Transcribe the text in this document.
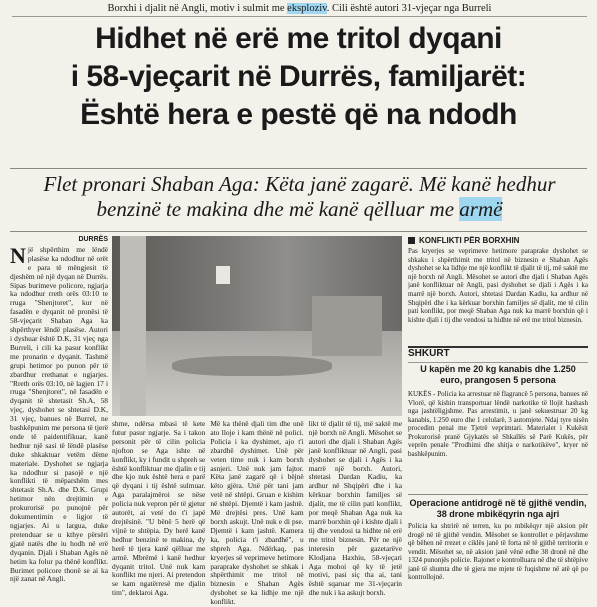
Borxhi i djalit në Angli, motiv i sulmit me eksploziv. Cili është autori 31-vjeçar nga Burreli
Hidhet në erë me tritol dyqani
i 58-vjeçarit në Durrës, familjarët:
Është hera e pestë që na ndodh
Flet pronari Shaban Aga: Këta janë zagarë. Më kanë hedhur benzinë te makina dhe më kanë qëlluar me armë
DURRËS
N jë shpërthim me lëndë plasëse ka ndodhur në orët e para të mëngjesit të djeshëm në një dyqan në Durrës. Sipas burimeve policore, ngjarja ka ndodhur rreth orës 03:10 te rruga "Shenjtoret", kur në fasadën e dyqanit në pronësi të 58-vjeçarit Shaban Aga ka shpërthyer lëndë plasëse. Autori i dyshuar është D.K, 31 vjeç nga Burreli, i cili ka pasur konflikt me pronarin e dyqanit. Tashmë grupi hetimor po punon për të zbardhur rrethanat e ngjarjes. "Rreth orës 03:10, në lagjen 17 i rruga "Shenjtoret", në fasadën e dyqanit të shtetasit Sh.A, 58 vjeç, dyshohet se shtetasi D.K, 31 vjeç, banues në Burrel, ne bashkëpunim me persona të tjerë ende të paidentifikuar, kanë hedhur një sasi të lëndë plasëse duke shkaktuar vetëm dëme materiale. Dyshohet se ngjarja ka ndodhur si pasojë e një konflikti të mëparshëm mes shtetasit Sh.A. dhe D.K. Grupi hetimor nën drejtimin e prokurorisë po punojnë për dokumentimin e ligjor të ngjarjes. Ai u largua, duke pretenduar se u kthye përsëri gjatë natës dhe iu hodh në erë dyqanin. Djali i Shaban Agës në hetim ka folur pa thënë konflikt. Burimet policore thonë se ai ka një zanat në Angli.
shme, ndërsa mbasi të kete futur pasur ngjarje. Sa i takon personit për të cilin policia njofton se Aga ishte në konflikt, ky i fundit u shpreh se është konfliktuar me djalin e tij dhe kjo nuk është hera e parë që dyqani i tij është sulmuar. Aga paralajmëroi se nëse policia nuk vepron për të gjetur autorët, ai vetë do t'i japë drejtësinë. "U bënë 5 herë që vijnë te shtëpia. Dy herë kanë hedhur benzinë te makina, dy herë të tjera kanë qëlluar me armë. Mbrëmë i kanë hedhur dyqanit tritol. Unë nuk kam konflikt me njeri. Ai pretendon se kam ngatërresë me djalin tim", deklaroi Aga.
Më ka thënë djali tim dhe unë ato lloje i kam thënë në polici. Policia i ka dyshimet, ajo t'i zbardhë dyshimet. Unë për veten time nuk i kam borxh asnjeri. Unë nuk jam fajtor. Këta janë zagarë që i bëjnë këto gjëra. Unë për tani jam vetë në shtëpi. Gruan e kishim në shtëpi. Djemtë i kam jashtë. Më drejtësi pres. Unë kam borxh askujt. Unë nuk e di pse. Djemtë i kam jashtë. Kamera ka, policia t'i zbardhë", u shpreh Aga. Ndërkaq, pas kryerjes së veprimeve hetimore paraprake dyshohet se shkak i shpërthimit me tritol në biznesin e Shaban Agës dyshohet se ka lidhje me një konflikt.
likt të djalit të tij, më saktë me një borxh në Angli. Mësohet se autori dhe djali i Shaban Agës janë konfliktuar në Angli, pasi dyshohet se djali i Agës i ka marrë një borxh. Autori, shtetasi Dardan Kadiu, ka ardhur në Shqipëri dhe i ka kërkuar borxhin familjes së djalit, me të cilin pati konflikt, por meqë Shaban Aga nuk ka marrë borxhin që i kishte djali i tij dhe vendosi ta hidhte në erë me tritol biznesin. Për ne një interesin për gazetarëve Klodjana Haxhiu, 58-vjeçari Aga mohoi që ky të jetë motivi, pasi siç tha ai, tani është sqaruar me 31-vjeçarin dhe nuk i ka askujt borxh.
KONFLIKTI PËR BORXHIN
Pas kryerjes se veprimeve hetimore paraprake dyshohet se shkaku i shpërthimit me tritol në biznesin e Shaban Agës dyshohet se ka lidhje me një konflikt të djalit të tij, më saktë me një borxh në Angli. Mësohet se autori dhe djali i Shaban Agës janë konfliktuar në Angli, pasi dyshohet se djali i Agës i ka marrë një borxh. Autori, shtetasi Dardan Kadiu, ka ardhur në Shqipëri dhe i ka kërkuar borxhin familjes së djalit, me të cilin pati konflikt, por meqë Shaban Aga nuk ka marrë borxhin që i kishte djali i tij dhe vendosi ta hidhte në erë me tritol biznesin.
SHKURT
U kapën me 20 kg kanabis dhe 1.250 euro, prangosen 5 persona
KUKËS - Policia ka arrestuar në flagrancë 5 persona, banues në Vlorë, që kishin transportuar lëndë narkotike të llojit hashash nga jashtëligjshme. Pas arrestimit, u janë sekuestruar 20 kg kanabis, 1.250 euro dhe 1 celularë, 3 automjete. Ndaj tyre nisën procedim penal me Tjetrë veprimtari. Materialet i Kukësit Prokurorisë pranë Gjykatës së Shkallës së Parë Kukës, për veprën penale "Prodhimi dhe shitja e narkotikëve", kryer në bashkëpunim.
Operacione antidrogë në të gjithë vendin, 38 drone mbikëqyrin nga ajri
Policia ka shtrirë në terren, ku po mbikëqyr një aksion për drogë në të gjithë vendin. Mësohet se kontrollet e përjavshme që bëhen në rrezet e ciklës janë të forta në të gjithë territorin e vendit. Mësohet se, në aksion janë vënë edhe 38 dronë në dhe 1324 punonjës policie. Rajonet e kontrolluara në dhe të shtëpive janë të shumta dhe të gjera me mjete të fuqishme në atë që po kontrollojnë.
